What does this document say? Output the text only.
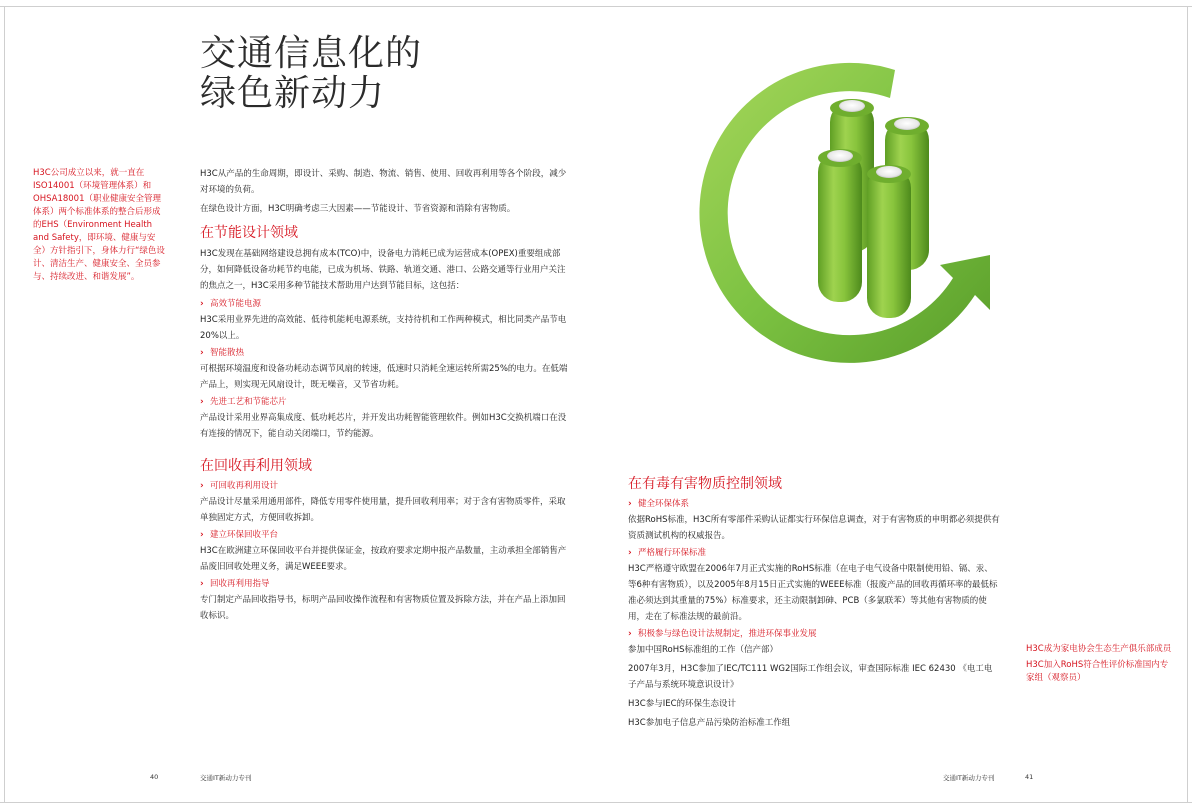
交通信息化的
绿色新动力
H3C公司成立以来，就一直在ISO14001（环境管理体系）和OHSA18001（职业健康安全管理体系）两个标准体系的整合后形成的EHS（Environment Health and Safety，即环境、健康与安全）方针指引下，身体力行“绿色设计、清洁生产、健康安全、全员参与、持续改进、和谐发展”。

H3C从产品的生命周期，即设计、采购、制造、物流、销售、使用、回收再利用等各个阶段，减少对环境的负荷。

在绿色设计方面，H3C明确考虑三大因素——节能设计、节省资源和消除有害物质。

在节能设计领域

H3C发现在基础网络建设总拥有成本(TCO)中，设备电力消耗已成为运营成本(OPEX)重要组成部分，如何降低设备功耗节约电能，已成为机场、铁路、轨道交通、港口、公路交通等行业用户关注的焦点之一，H3C采用多种节能技术帮助用户达到节能目标，这包括：

› 高效节能电源

H3C采用业界先进的高效能、低待机能耗电源系统，支持待机和工作两种模式，相比同类产品节电20%以上。

› 智能散热

可根据环境温度和设备功耗动态调节风扇的转速，低速时只消耗全速运转所需25%的电力。在低端产品上，则实现无风扇设计，既无噪音，又节省功耗。

› 先进工艺和节能芯片

产品设计采用业界高集成度、低功耗芯片，并开发出功耗智能管理软件。例如H3C交换机端口在没有连接的情况下，能自动关闭端口，节约能源。

在回收再利用领域
› 可回收再利用设计

产品设计尽量采用通用部件，降低专用零件使用量，提升回收利用率；对于含有害物质零件，采取单独固定方式，方便回收拆卸。

› 建立环保回收平台

H3C在欧洲建立环保回收平台并提供保证金，按政府要求定期申报产品数量，主动承担全部销售产品废旧回收处理义务，满足WEEE要求。

› 回收再利用指导

专门制定产品回收指导书，标明产品回收操作流程和有害物质位置及拆除方法，并在产品上添加回收标识。

在有毒有害物质控制领域
› 健全环保体系

依据RoHS标准，H3C所有零部件采购认证都实行环保信息调查，对于有害物质的申明都必须提供有资质测试机构的权威报告。

› 严格履行环保标准

H3C严格遵守欧盟在2006年7月正式实施的RoHS标准（在电子电气设备中限制使用铅、镉、汞、等6种有害物质），以及2005年8月15日正式实施的WEEE标准（报废产品的回收再循环率的最低标准必须达到其重量的75%）标准要求，还主动限制卸砷、PCB（多氯联苯）等其他有害物质的使用，走在了标准法规的最前沿。

› 积极参与绿色设计法规制定，推进环保事业发展

参加中国RoHS标准组的工作（信产部）

2007年3月，H3C参加了IEC/TC111 WG2国际工作组会议，审查国际标准 IEC 62430 《电工电子产品与系统环境意识设计》

H3C参与IEC的环保生态设计

H3C参加电子信息产品污染防治标准工作组

H3C成为家电协会生态生产俱乐部成员

H3C加入RoHS符合性评价标准国内专家组（观察员）

40	交通IT新动力专刊	交通IT新动力专刊	41
